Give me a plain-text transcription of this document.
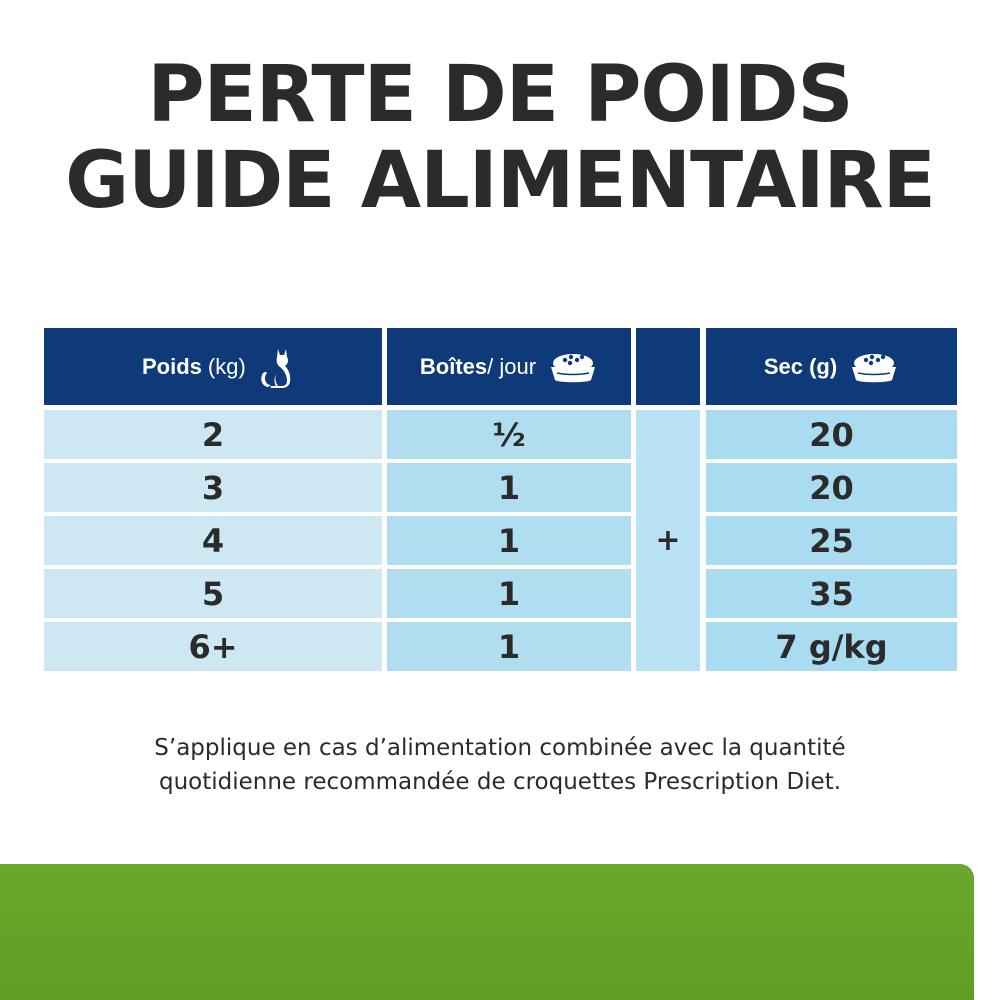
PERTE DE POIDS
GUIDE ALIMENTAIRE
Poids (kg)	Boîtes / jour	Sec (g)
2	½	20
3	1	20
4	1	25
5	1	35
6+	1	7 g/kg
+

S’applique en cas d’alimentation combinée avec la quantité
quotidienne recommandée de croquettes Prescription Diet.
